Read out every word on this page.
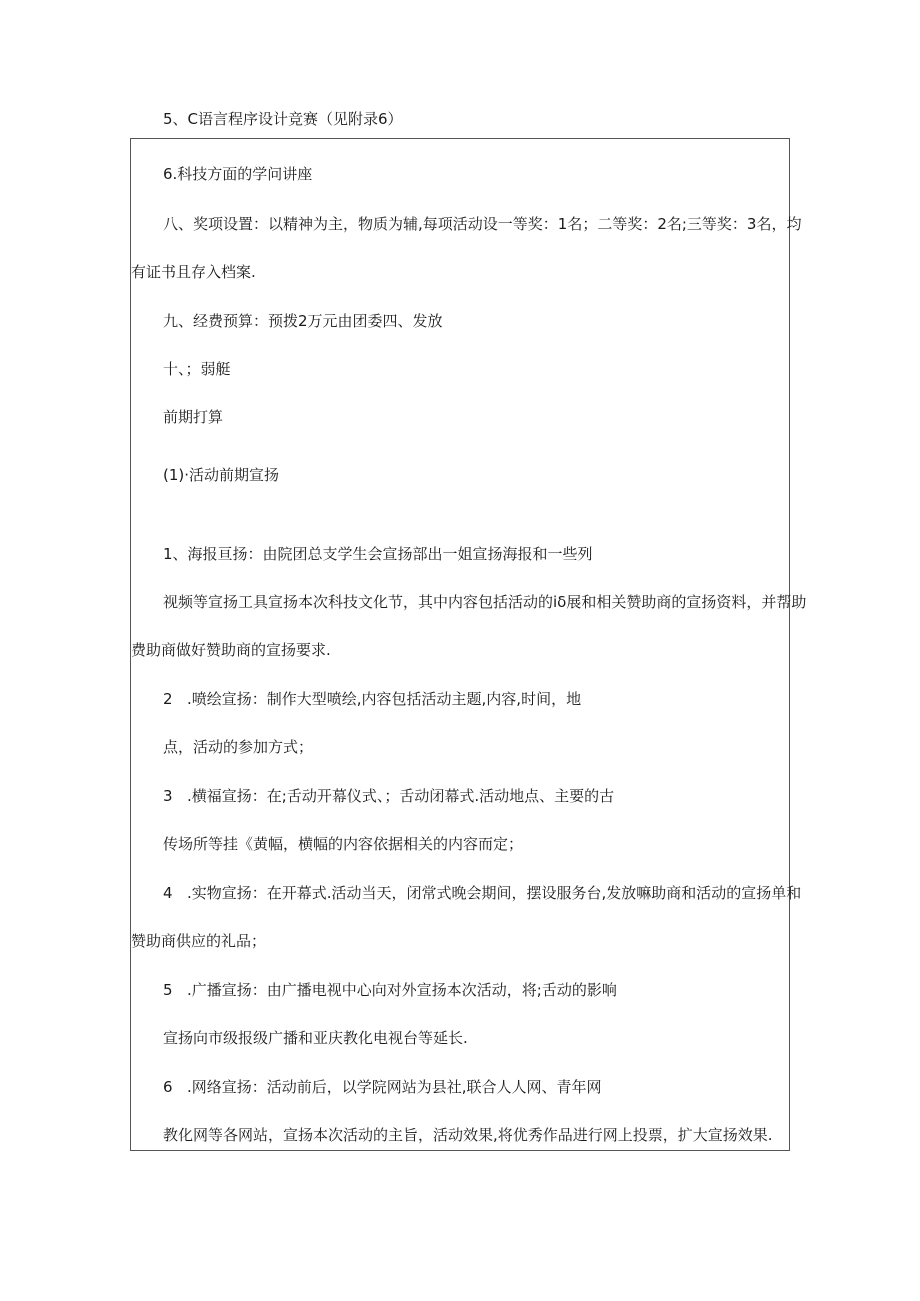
5、C语言程序设计竞赛（见附录6）

6.科技方面的学问讲座

八、奖项设置：以精神为主，物质为辅,每项活动设一等奖：1名；二等奖：2名;三等奖：3名，均

有证书且存入档案.

九、经费预算：预拨2万元由团委四、发放

十、；弱艇

前期打算

(1)·活动前期宣扬

1、海报亘扬：由院团总支学生会宣扬部出一姐宣扬海报和一些列

视频等宣扬工具宣扬本次科技文化节，其中内容包括活动的iδ展和相关赞助商的宣扬资料，并帮助

费助商做好赞助商的宣扬要求.

2 .喷绘宣扬：制作大型喷绘,内容包括活动主题,内容,时间，地

点，活动的参加方式；

3 .横福宣扬：在;舌动开幕仪式、；舌动闭幕式.活动地点、主要的古

传场所等挂《黄幅，横幅的内容依据相关的内容而定；

4 .实物宣扬：在开幕式.活动当天，闭常式晚会期间，摆设服务台,发放嘛助商和活动的宣扬单和

赞助商供应的礼品；

5 .广播宣扬：由广播电视中心向对外宣扬本次活动，将;舌动的影响

宣扬向市级报级广播和亚庆教化电视台等延长.

6 .网络宣扬：活动前后，以学院网站为县社,联合人人网、青年网

教化网等各网站，宣扬本次活动的主旨，活动效果,将优秀作品进行网上投票，扩大宣扬效果.
